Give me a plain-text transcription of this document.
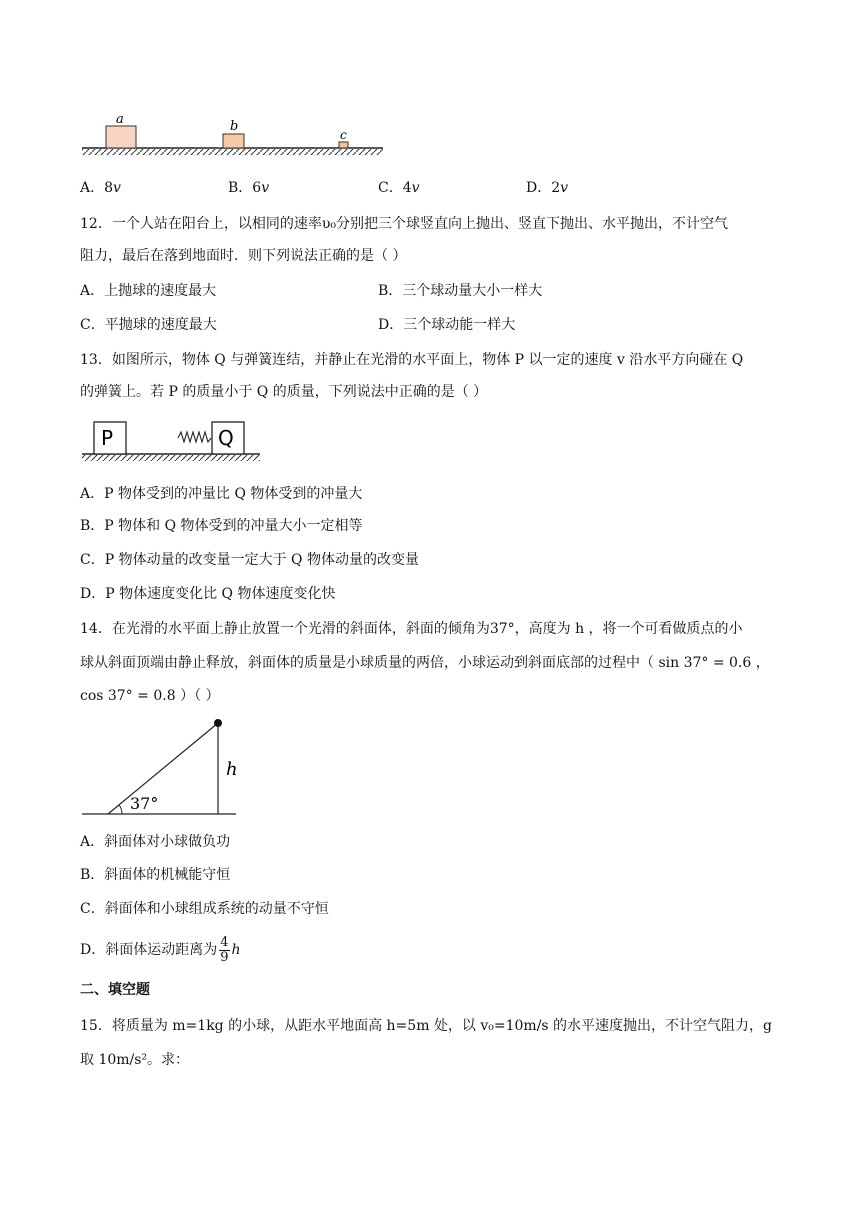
a	b
c
A．8v	B．6v	C．4v	D．2v
12．一个人站在阳台上，以相同的速率υ₀分别把三个球竖直向上抛出、竖直下抛出、水平抛出，不计空气
阻力，最后在落到地面时．则下列说法正确的是（ ）
A．上抛球的速度最大	B．三个球动量大小一样大
C．平抛球的速度最大	D．三个球动能一样大
13．如图所示，物体 Q 与弹簧连结，并静止在光滑的水平面上，物体 P 以一定的速度 v 沿水平方向碰在 Q
的弹簧上。若 P 的质量小于 Q 的质量，下列说法中正确的是（ ）
P	Q
A．P 物体受到的冲量比 Q 物体受到的冲量大
B．P 物体和 Q 物体受到的冲量大小一定相等
C．P 物体动量的改变量一定大于 Q 物体动量的改变量
D．P 物体速度变化比 Q 物体速度变化快
14．在光滑的水平面上静止放置一个光滑的斜面体，斜面的倾角为37°，高度为 h ，将一个可看做质点的小
球从斜面顶端由静止释放，斜面体的质量是小球质量的两倍，小球运动到斜面底部的过程中（ sin 37° = 0.6 ，
cos 37° = 0.8 ）（ ）
37°
h
A．斜面体对小球做负功
B．斜面体的机械能守恒
C．斜面体和小球组成系统的动量不守恒
D．斜面体运动距离为 $\frac{4}{9}$ h
二、填空题
15．将质量为 m=1kg 的小球，从距水平地面高 h=5m 处，以 v₀=10m/s 的水平速度抛出，不计空气阻力，g
取 10m/s²。求：
